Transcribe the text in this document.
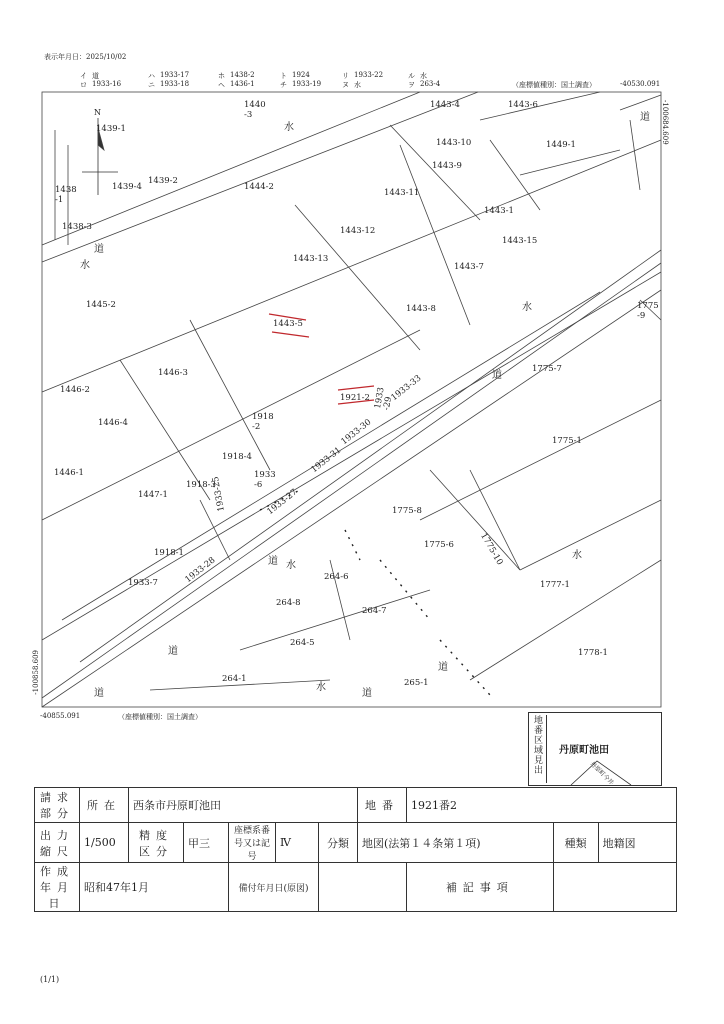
表示年月日：2025/10/02
イ 道
ロ 1933-16
ハ 1933-17
ニ 1933-18
ホ 1438-2
ヘ 1436-1
ト 1924
チ 1933-19
リ 1933-22
ヌ 水
ル 水
ヲ 263-4	（座標値種別：国土調査）	-40530.091
-100684.609
-100858.609
-40855.091	（座標値種別：国土調査）
1439-1
1440
-3
1443-4	1443-6
1449-1
1443-10
1443-9
1444-2
1443-11
1438
-1
1439-4
1439-2
1438-3
1443-1
1443-12
1443-15
1443-13
1443-7
1445-2	1443-8	1775
-9
1443-5
1446-3	1775-7
1446-2
1921-2
1446-4
1918
-2
1775-1
1918-4
1933
-6
1446-1
1918-3
1447-1
1775-8
1775-6
1918-1
1933-7
264-6
1777-1
264-8
264-7
264-5
1778-1
264-1	265-1
1933-25	1933-27
1933-31
1933-30
1933
-29
1933-33
1933-28
1775-10
道
水
水
水
道
道 水
水
道
道
水
道
道
道
地番区域見出	丹原町池田
丹原町今井
請求部分	所在	西条市丹原町池田					地番	1921番2		
出力縮尺	1/500	精度区分	甲三	座標系番号又は記号	Ⅳ	分類	地図(法第１４条第１項)		種類	地籍図
作成年月日	昭和47年1月			備付年月日(原図)				補記事項		
(1/1)
N
